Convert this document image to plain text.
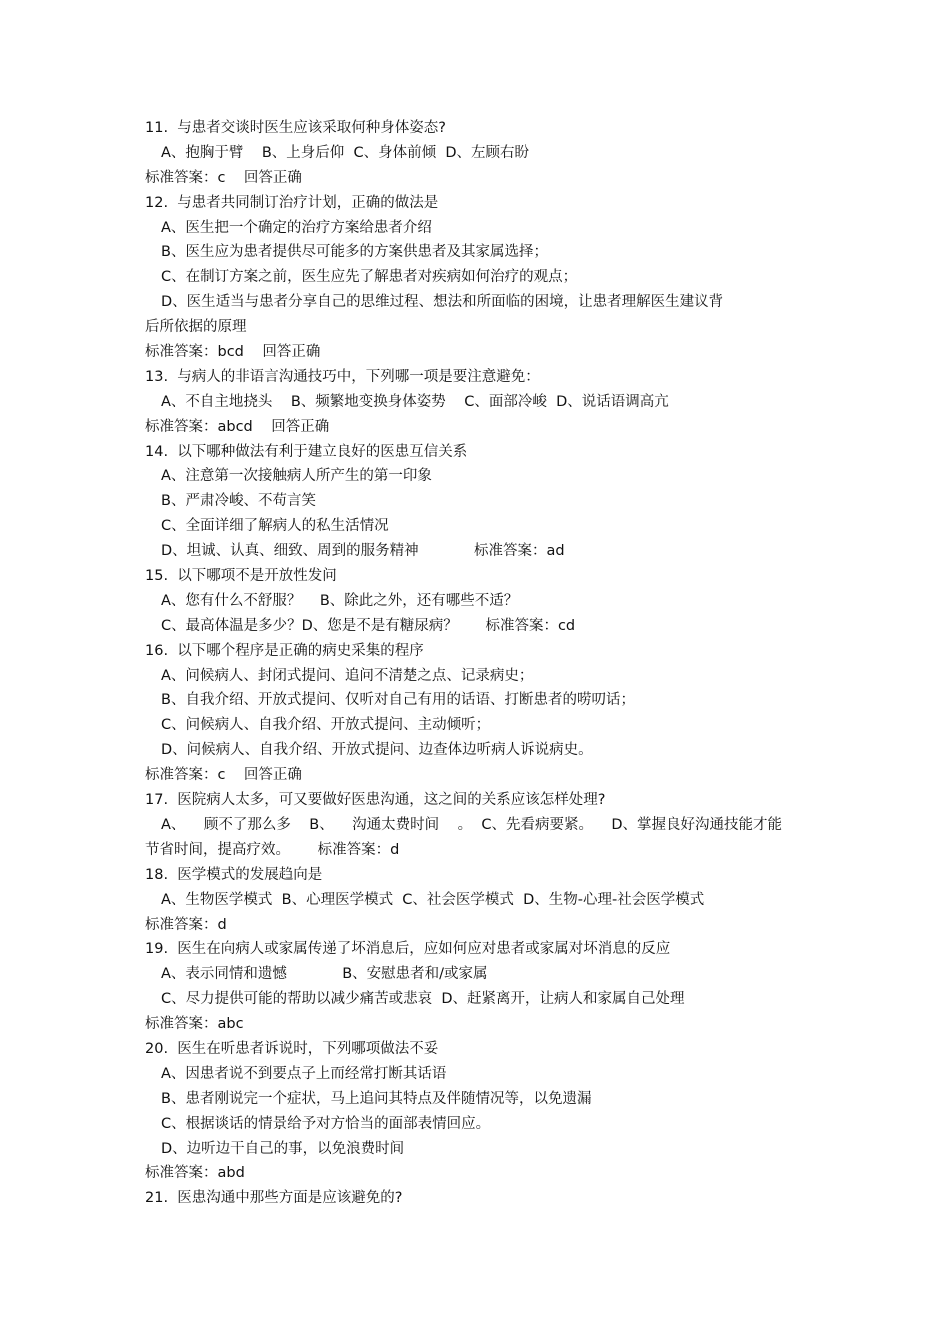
11.  与患者交谈时医生应该采取何种身体姿态?
A、抱胸于臂    B、上身后仰  C、身体前倾  D、左顾右盼
标准答案：c    回答正确
12.  与患者共同制订治疗计划，正确的做法是
A、医生把一个确定的治疗方案给患者介绍
B、医生应为患者提供尽可能多的方案供患者及其家属选择；
C、在制订方案之前，医生应先了解患者对疾病如何治疗的观点；
D、医生适当与患者分享自己的思维过程、想法和所面临的困境，让患者理解医生建议背
后所依据的原理
标准答案：bcd    回答正确
13.  与病人的非语言沟通技巧中，下列哪一项是要注意避免：
A、不自主地挠头    B、频繁地变换身体姿势    C、面部冷峻  D、说话语调高亢
标准答案：abcd    回答正确
14.  以下哪种做法有利于建立良好的医患互信关系
A、注意第一次接触病人所产生的第一印象
B、严肃冷峻、不苟言笑
C、全面详细了解病人的私生活情况
D、坦诚、认真、细致、周到的服务精神            标准答案：ad
15.  以下哪项不是开放性发问
A、您有什么不舒服？    B、除此之外，还有哪些不适？
C、最高体温是多少？D、您是不是有糖尿病？      标准答案：cd
16.  以下哪个程序是正确的病史采集的程序
A、问候病人、封闭式提问、追问不清楚之点、记录病史；
B、自我介绍、开放式提问、仅听对自己有用的话语、打断患者的唠叨话；
C、问候病人、自我介绍、开放式提问、主动倾听；
D、问候病人、自我介绍、开放式提问、边查体边听病人诉说病史。
标准答案：c    回答正确
17.  医院病人太多，可又要做好医患沟通，这之间的关系应该怎样处理?
A、    顾不了那么多    B、    沟通太费时间    。  C、先看病要紧。    D、掌握良好沟通技能才能
节省时间，提高疗效。      标准答案：d
18.  医学模式的发展趋向是
A、生物医学模式  B、心理医学模式  C、社会医学模式  D、生物-心理-社会医学模式
标准答案：d
19.  医生在向病人或家属传递了坏消息后，应如何应对患者或家属对坏消息的反应
A、表示同情和遗憾            B、安慰患者和/或家属
C、尽力提供可能的帮助以减少痛苦或悲哀  D、赶紧离开，让病人和家属自己处理
标准答案：abc
20.  医生在听患者诉说时，下列哪项做法不妥
A、因患者说不到要点子上而经常打断其话语
B、患者刚说完一个症状，马上追问其特点及伴随情况等，以免遗漏
C、根据谈话的情景给予对方恰当的面部表情回应。
D、边听边干自己的事，以免浪费时间
标准答案：abd
21.  医患沟通中那些方面是应该避免的?
